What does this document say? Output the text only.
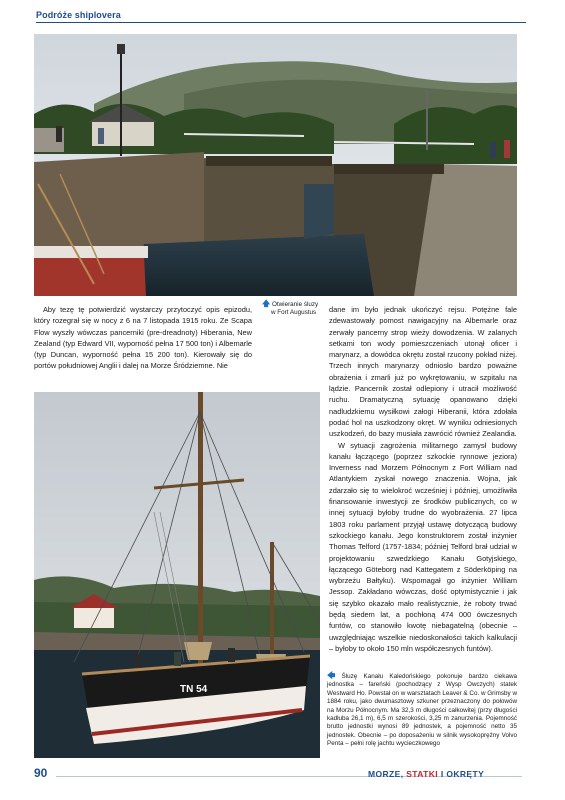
Podróże shiplovera
🡅 Otwieranie śluzy
w Fort Augustus

Aby tezę tę potwierdzić wystarczy przytoczyć opis epizodu, który rozegrał się w nocy z 6 na 7 listopada 1915 roku. Ze Scapa Flow wyszły wówczas pancerniki (pre-dreadnoty) Hiberania, New Zealand (typ Edward VII, wyporność pełna 17 500 ton) i Albemarle (typ Duncan, wyporność pełna 15 200 ton). Kierowały się do portów południowej Anglii i dalej na Morze Śródziemne. Nie

TN 54

dane im było jednak ukończyć rejsu. Potężne fale zdewastowały pomost nawigacyjny na Albemarle oraz zerwały pancerny strop wieży dowodzenia. W zalanych setkami ton wody pomieszczeniach utonął oficer i marynarz, a dowódca okrętu został rzucony pokład niżej. Trzech innych marynarzy odniosło bardzo poważne obrażenia i zmarli już po wykrętowaniu, w szpitalu na lądzie. Pancernik został odlepiony i utracił możliwość ruchu. Dramatyczną sytuację opanowano dzięki nadludzkiemu wysiłkowi załogi Hiberanii, która zdołała podać hol na uszkodzony okręt. W wyniku odniesionych uszkodzeń, do bazy musiała zawrócić również Zealandia.

W sytuacji zagrożenia militarnego zamysł budowy kanału łączącego (poprzez szkockie rynnowe jeziora) Inverness nad Morzem Północnym z Fort William nad Atlantykiem zyskał nowego znaczenia. Wojna, jak zdarzało się to wielokroć wcześniej i później, umożliwiła finansowanie inwestycji ze środków publicznych, co w innej sytuacji byłoby trudne do wyobrażenia. 27 lipca 1803 roku parlament przyjął ustawę dotyczącą budowy szkockiego kanału. Jego konstruktorem został inżynier Thomas Telford (1757-1834; później Telford brał udział w projektowaniu szwedzkiego Kanału Gotyjskiego, łączącego Göteborg nad Kattegatem z Söderköping na wybrzeżu Bałtyku). Wspomagał go inżynier William Jessop. Zakładano wówczas, dość optymistycznie i jak się szybko okazało mało realistycznie, że roboty trwać będą siedem lat, a pochłoną 474 000 ówczesnych funtów, co stanowiło kwotę niebagatelną (obecnie – uwzględniając wszelkie niedoskonałości takich kalkulacji – byłoby to około 150 mln współczesnych funtów).

🡄 Śluzę Kanału Kaledońskiego pokonuje bardzo ciekawa jednostka – fareński (pochodzący z Wysp Owczych) statek Westward Ho. Powstał on w warsztatach Leaver & Co. w Grimsby w 1884 roku, jako dwumasztowy szkuner przeznaczony do połowów na Morzu Północnym. Ma 32,3 m długości całkowitej (przy długości kadłuba 26,1 m), 6,5 m szerokości, 3,25 m zanurzenia. Pojemność brutto jednostki wynosi 89 jednostek, a pojemność netto 35 jednostek. Obecnie – po doposażeniu w silnik wysokoprężny Volvo Penta – pełni rolę jachtu wycieczkowego
90	MORZE, STATKI I OKRĘTY
